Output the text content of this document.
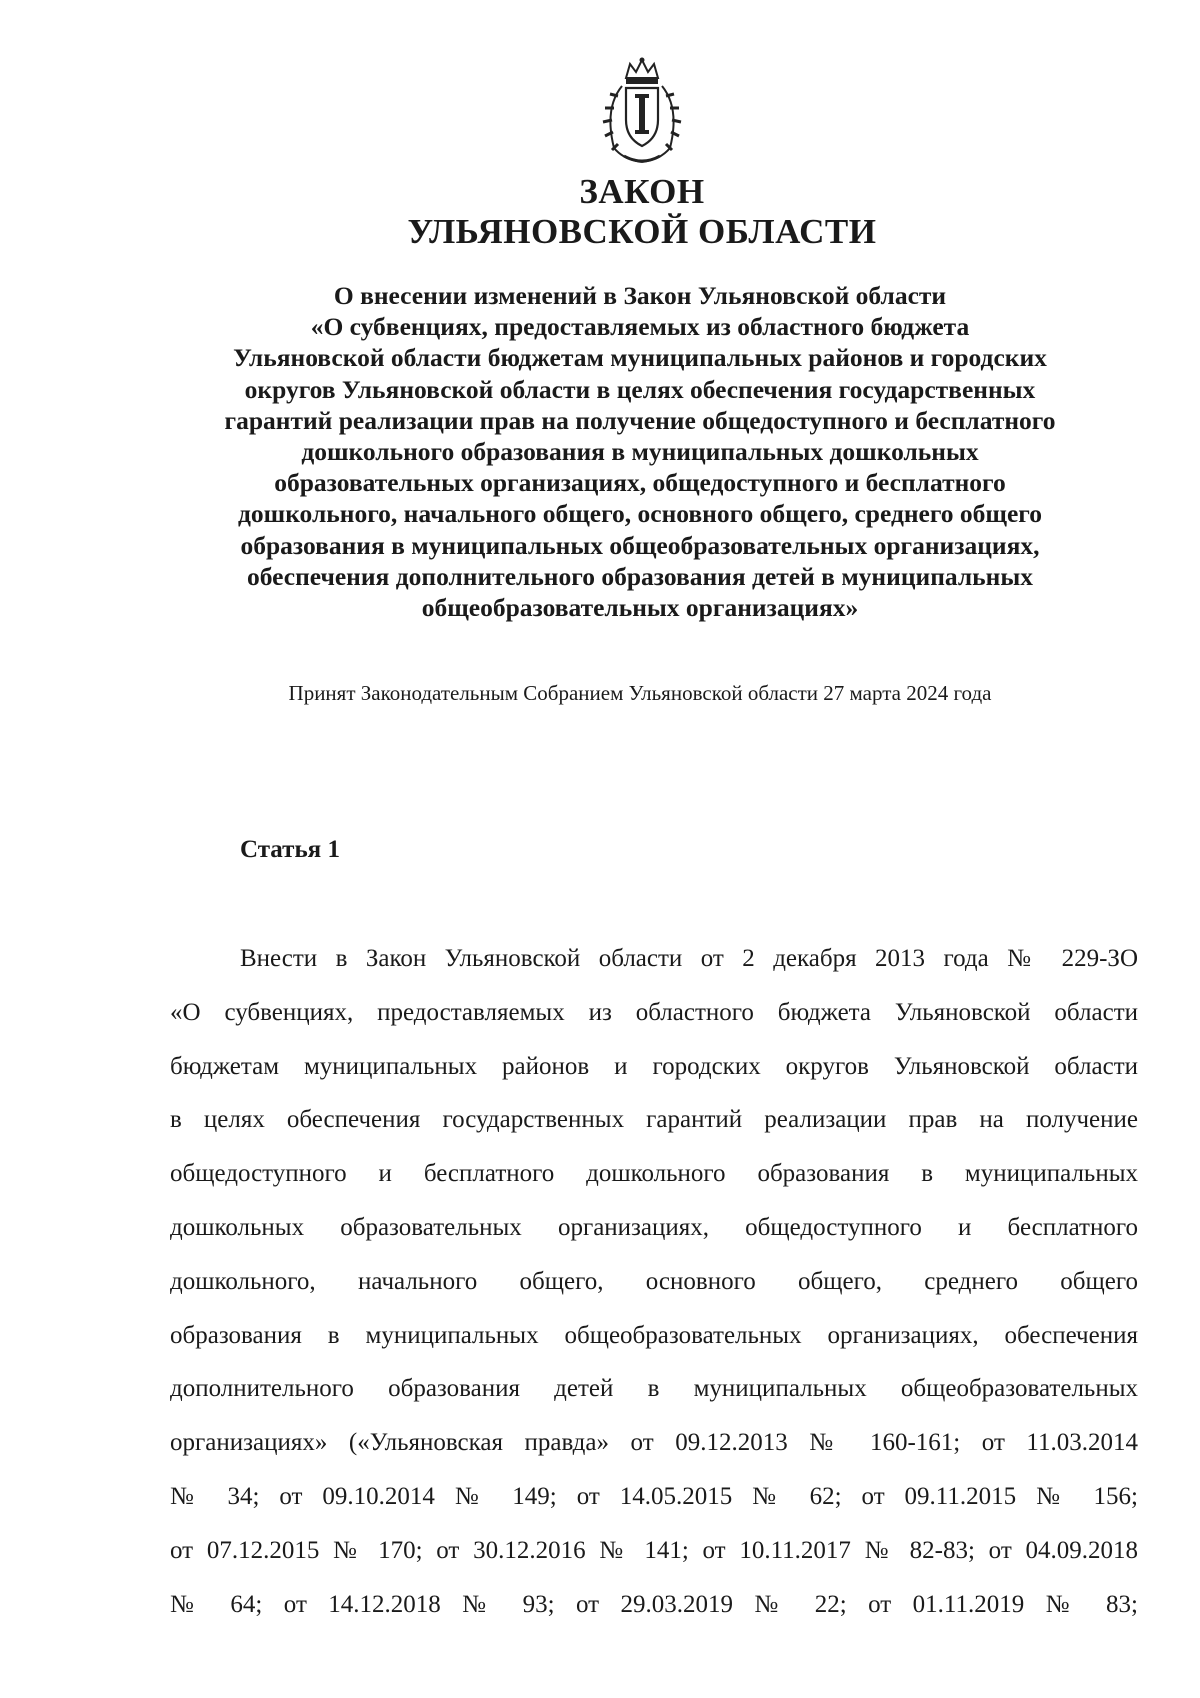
ЗАКОН
УЛЬЯНОВСКОЙ ОБЛАСТИ
О внесении изменений в Закон Ульяновской области
«О субвенциях, предоставляемых из областного бюджета
Ульяновской области бюджетам муниципальных районов и городских
округов Ульяновской области в целях обеспечения государственных
гарантий реализации прав на получение общедоступного и бесплатного
дошкольного образования в муниципальных дошкольных
образовательных организациях, общедоступного и бесплатного
дошкольного, начального общего, основного общего, среднего общего
образования в муниципальных общеобразовательных организациях,
обеспечения дополнительного образования детей в муниципальных
общеобразовательных организациях»
Принят Законодательным Собранием Ульяновской области 27 марта 2024 года
Статья 1
Внести в Закон Ульяновской области от 2 декабря 2013 года № 229-ЗО
«О субвенциях, предоставляемых из областного бюджета Ульяновской области
бюджетам муниципальных районов и городских округов Ульяновской области
в целях обеспечения государственных гарантий реализации прав на получение
общедоступного и бесплатного дошкольного образования в муниципальных
дошкольных образовательных организациях, общедоступного и бесплатного
дошкольного, начального общего, основного общего, среднего общего
образования в муниципальных общеобразовательных организациях, обеспечения
дополнительного образования детей в муниципальных общеобразовательных
организациях» («Ульяновская правда» от 09.12.2013 № 160-161; от 11.03.2014
№ 34; от 09.10.2014 № 149; от 14.05.2015 № 62; от 09.11.2015 № 156;
от 07.12.2015 № 170; от 30.12.2016 № 141; от 10.11.2017 № 82-83; от 04.09.2018
№ 64; от 14.12.2018 № 93; от 29.03.2019 № 22; от 01.11.2019 № 83;
